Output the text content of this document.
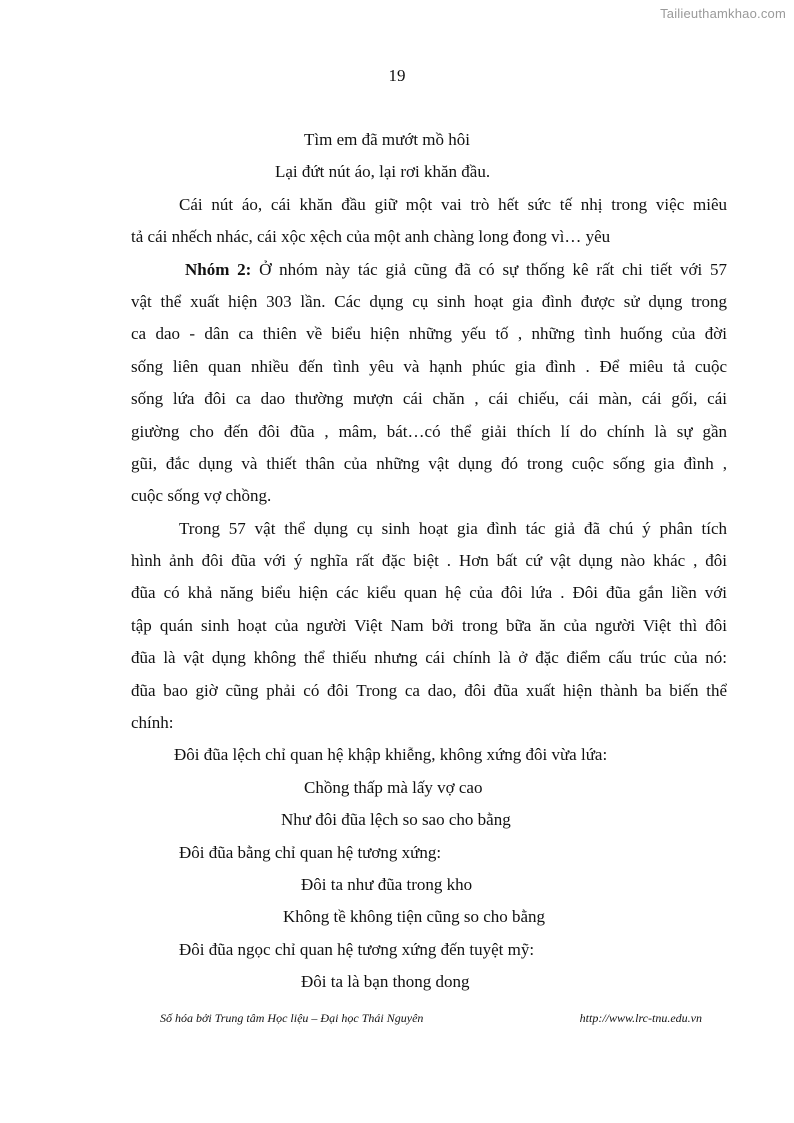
Tailieuthamkhao.com
19
Tìm em đã mướt mồ hôi
Lại đứt nút áo, lại rơi khăn đầu.
Cái nút áo, cái khăn đầu giữ một vai trò hết sức tế nhị trong việc miêu
tả cái nhếch nhác, cái xộc xệch của một anh chàng long đong vì… yêu
Nhóm 2: Ở nhóm này tác giả cũng đã có sự thống kê rất chi tiết với 57
vật thể xuất hiện 303 lần. Các dụng cụ sinh hoạt gia đình được sử dụng trong
ca dao - dân ca thiên về biểu hiện những yếu tố , những tình huống của đời
sống liên quan nhiều đến tình yêu và hạnh phúc gia đình . Để miêu tả cuộc
sống lứa đôi ca dao thường mượn cái chăn , cái chiếu, cái màn, cái gối, cái
giường cho đến đôi đũa , mâm, bát…có thể giải thích lí do chính là sự gần
gũi, đắc dụng và thiết thân của những vật dụng đó trong cuộc sống gia đình ,
cuộc sống vợ chồng.
Trong 57 vật thể dụng cụ sinh hoạt gia đình tác giả đã chú ý phân tích
hình ảnh đôi đũa với ý nghĩa rất đặc biệt . Hơn bất cứ vật dụng nào khác , đôi
đũa có khả năng biểu hiện các kiểu quan hệ của đôi lứa . Đôi đũa gắn liền với
tập quán sinh hoạt của người Việt Nam bởi trong bữa ăn của người Việt thì đôi
đũa là vật dụng không thể thiếu nhưng cái chính là ở đặc điểm cấu trúc của nó:
đũa bao giờ cũng phải có đôi Trong ca dao, đôi đũa xuất hiện thành ba biến thể
chính:
Đôi đũa lệch chỉ quan hệ khập khiễng, không xứng đôi vừa lứa:
Chồng thấp mà lấy vợ cao
Như đôi đũa lệch so sao cho bằng
Đôi đũa bằng chỉ quan hệ tương xứng:
Đôi ta như đũa trong kho
Không tề không tiện cũng so cho bằng
Đôi đũa ngọc chỉ quan hệ tương xứng đến tuyệt mỹ:
Đôi ta là bạn thong dong
Số hóa bởi Trung tâm Học liệu – Đại học Thái Nguyên	http://www.lrc-tnu.edu.vn
